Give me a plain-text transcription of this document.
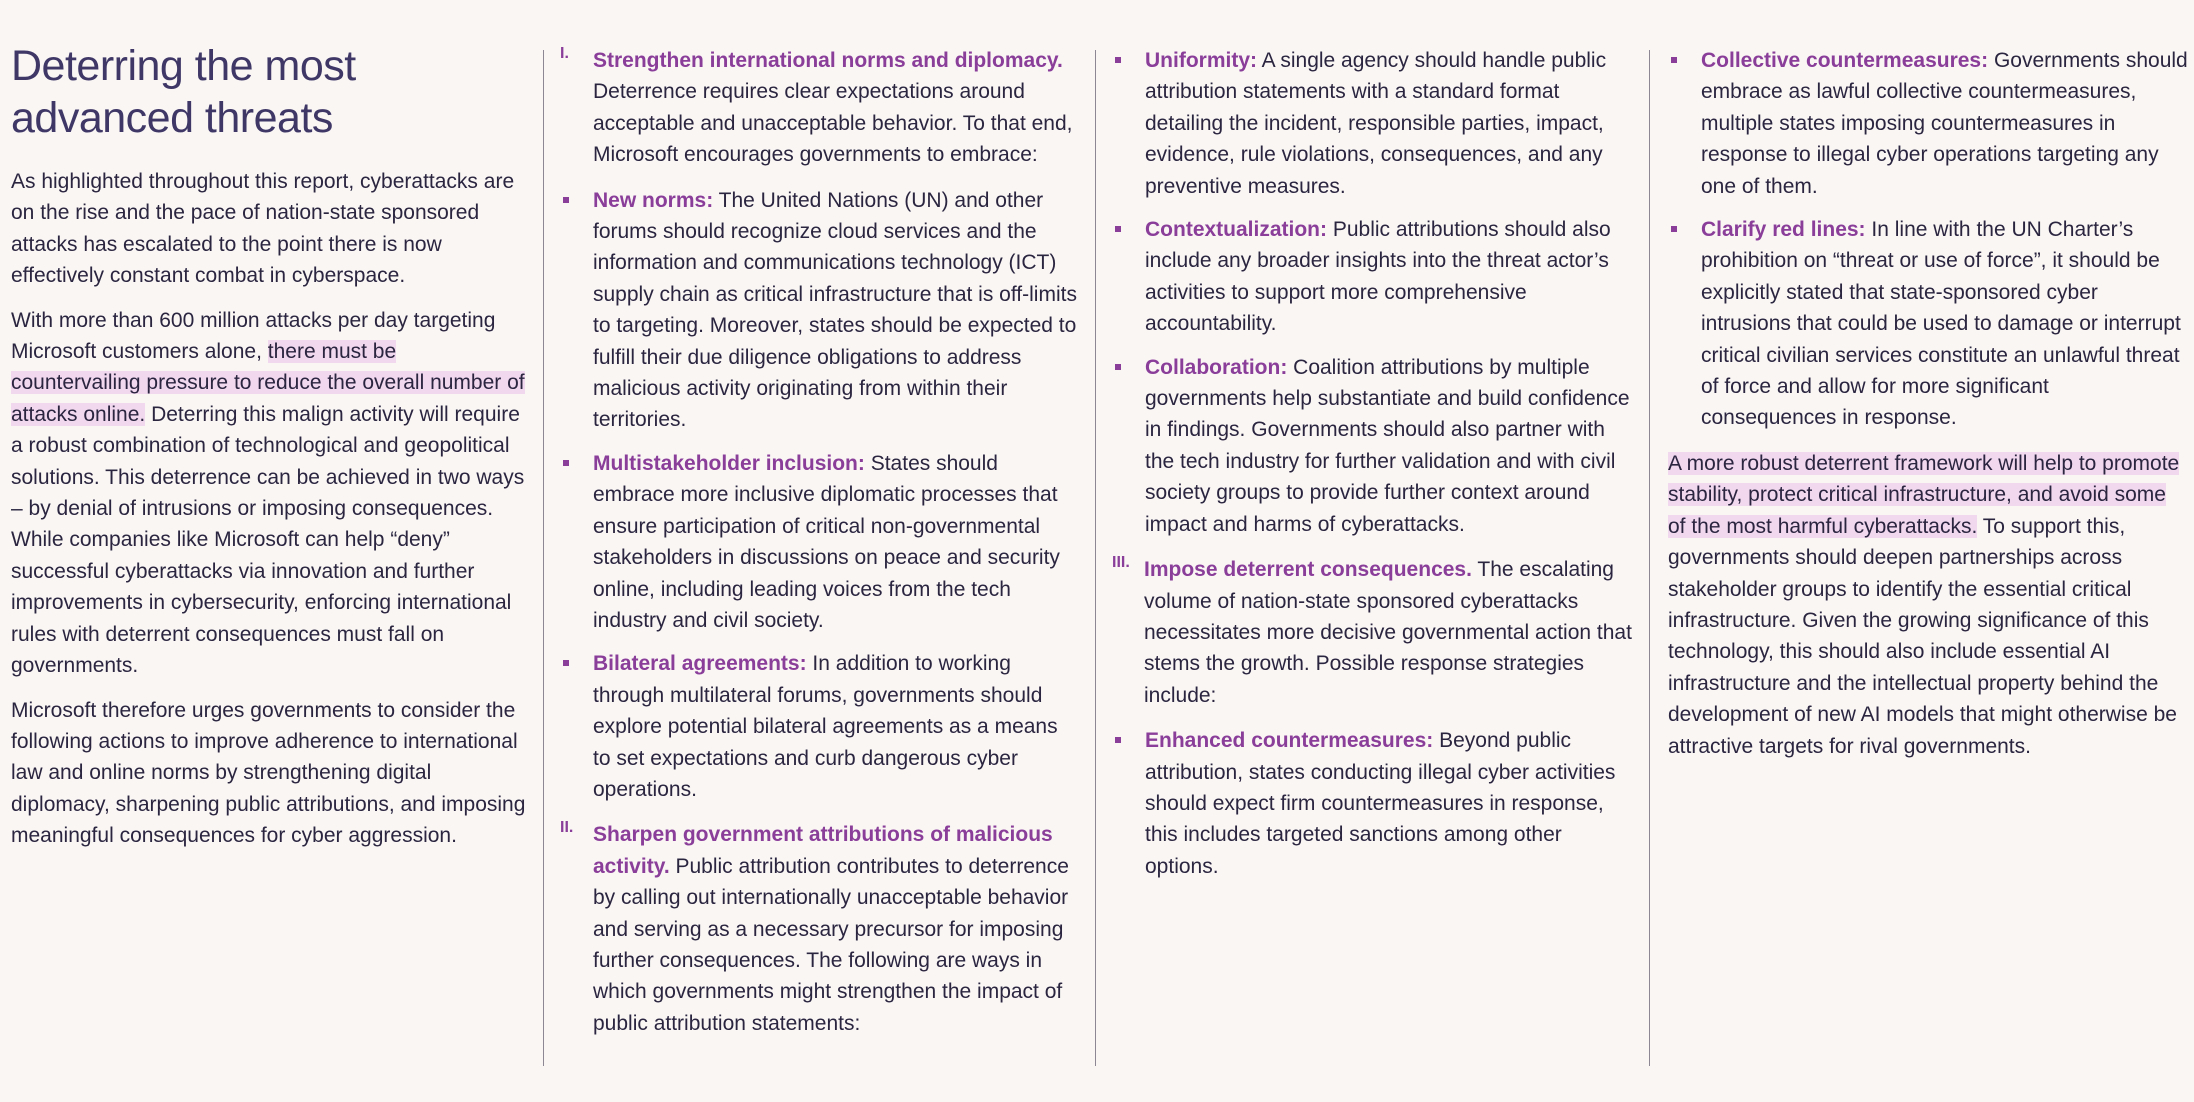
Deterring the most
advanced threats

As highlighted throughout this report, cyberattacks are on the rise and the pace of nation-state sponsored attacks has escalated to the point there is now effectively constant combat in cyberspace.

With more than 600 million attacks per day targeting Microsoft customers alone, there must be countervailing pressure to reduce the overall number of attacks online. Deterring this malign activity will require a robust combination of technological and geopolitical solutions. This deterrence can be achieved in two ways – by denial of intrusions or imposing consequences. While companies like Microsoft can help “deny” successful cyberattacks via innovation and further improvements in cybersecurity, enforcing international rules with deterrent consequences must fall on governments.

Microsoft therefore urges governments to consider the following actions to improve adherence to international law and online norms by strengthening digital diplomacy, sharpening public attributions, and imposing meaningful consequences for cyber aggression.

I. Strengthen international norms and diplomacy. Deterrence requires clear expectations around acceptable and unacceptable behavior. To that end, Microsoft encourages governments to embrace:
New norms: The United Nations (UN) and other forums should recognize cloud services and the information and communications technology (ICT) supply chain as critical infrastructure that is off-limits to targeting. Moreover, states should be expected to fulfill their due diligence obligations to address malicious activity originating from within their territories.
Multistakeholder inclusion: States should embrace more inclusive diplomatic processes that ensure participation of critical non-governmental stakeholders in discussions on peace and security online, including leading voices from the tech industry and civil society.
Bilateral agreements: In addition to working through multilateral forums, governments should explore potential bilateral agreements as a means to set expectations and curb dangerous cyber operations.
II. Sharpen government attributions of malicious activity. Public attribution contributes to deterrence by calling out internationally unacceptable behavior and serving as a necessary precursor for imposing further consequences. The following are ways in which governments might strengthen the impact of public attribution statements:
Uniformity: A single agency should handle public attribution statements with a standard format detailing the incident, responsible parties, impact, evidence, rule violations, consequences, and any preventive measures.
Contextualization: Public attributions should also include any broader insights into the threat actor’s activities to support more comprehensive accountability.
Collaboration: Coalition attributions by multiple governments help substantiate and build confidence in findings. Governments should also partner with the tech industry for further validation and with civil society groups to provide further context around impact and harms of cyberattacks.
III. Impose deterrent consequences. The escalating volume of nation-state sponsored cyberattacks necessitates more decisive governmental action that stems the growth. Possible response strategies include:
Enhanced countermeasures: Beyond public attribution, states conducting illegal cyber activities should expect firm countermeasures in response, this includes targeted sanctions among other options.
Collective countermeasures: Governments should embrace as lawful collective countermeasures, multiple states imposing countermeasures in response to illegal cyber operations targeting any one of them.
Clarify red lines: In line with the UN Charter’s prohibition on “threat or use of force”, it should be explicitly stated that state-sponsored cyber intrusions that could be used to damage or interrupt critical civilian services constitute an unlawful threat of force and allow for more significant consequences in response.

A more robust deterrent framework will help to promote stability, protect critical infrastructure, and avoid some of the most harmful cyberattacks. To support this, governments should deepen partnerships across stakeholder groups to identify the essential critical infrastructure. Given the growing significance of this technology, this should also include essential AI infrastructure and the intellectual property behind the development of new AI models that might otherwise be attractive targets for rival governments.
